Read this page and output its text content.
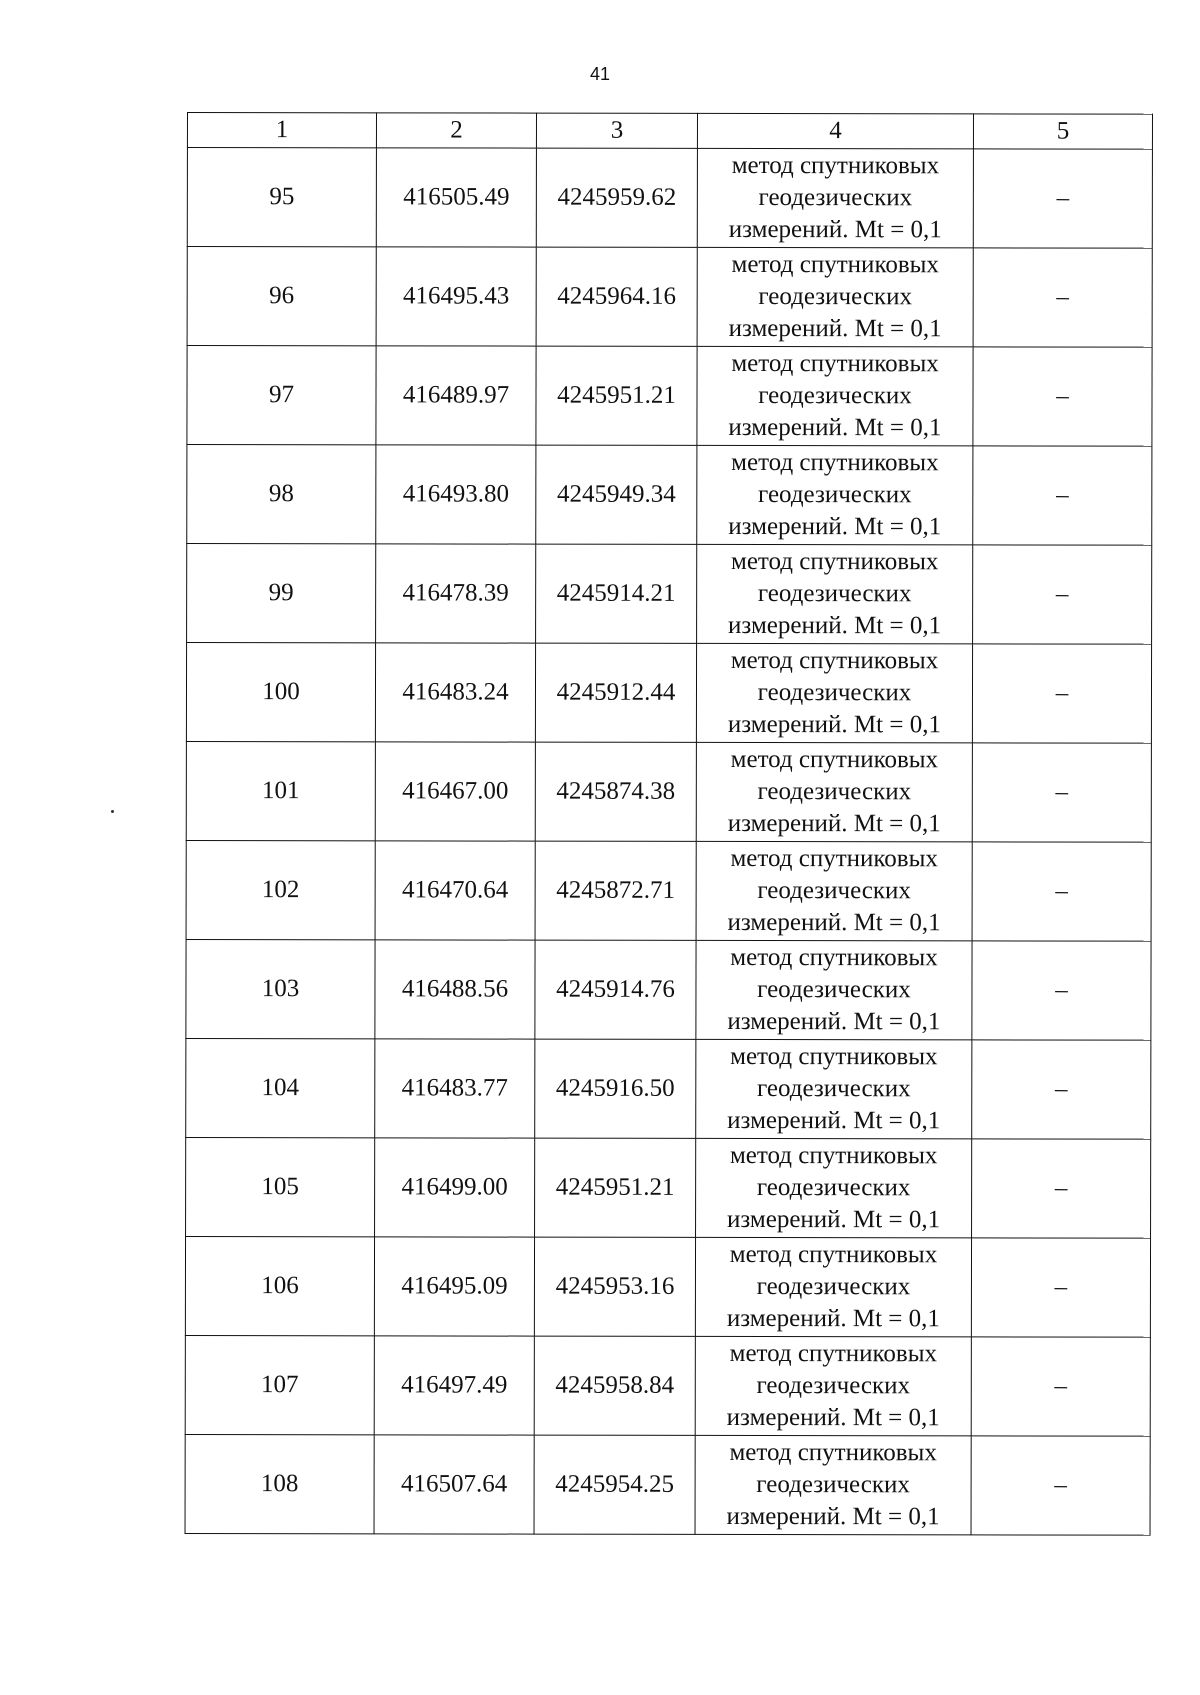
41
1	2	3	4	5
95	416505.49	4245959.62	метод спутниковых
геодезических
измерений. Mt = 0,1	–
96	416495.43	4245964.16	метод спутниковых
геодезических
измерений. Mt = 0,1	–
97	416489.97	4245951.21	метод спутниковых
геодезических
измерений. Mt = 0,1	–
98	416493.80	4245949.34	метод спутниковых
геодезических
измерений. Mt = 0,1	–
99	416478.39	4245914.21	метод спутниковых
геодезических
измерений. Mt = 0,1	–
100	416483.24	4245912.44	метод спутниковых
геодезических
измерений. Mt = 0,1	–
101	416467.00	4245874.38	метод спутниковых
геодезических
измерений. Mt = 0,1	–
102	416470.64	4245872.71	метод спутниковых
геодезических
измерений. Mt = 0,1	–
103	416488.56	4245914.76	метод спутниковых
геодезических
измерений. Mt = 0,1	–
104	416483.77	4245916.50	метод спутниковых
геодезических
измерений. Mt = 0,1	–
105	416499.00	4245951.21	метод спутниковых
геодезических
измерений. Mt = 0,1	–
106	416495.09	4245953.16	метод спутниковых
геодезических
измерений. Mt = 0,1	–
107	416497.49	4245958.84	метод спутниковых
геодезических
измерений. Mt = 0,1	–
108	416507.64	4245954.25	метод спутниковых
геодезических
измерений. Mt = 0,1	–
